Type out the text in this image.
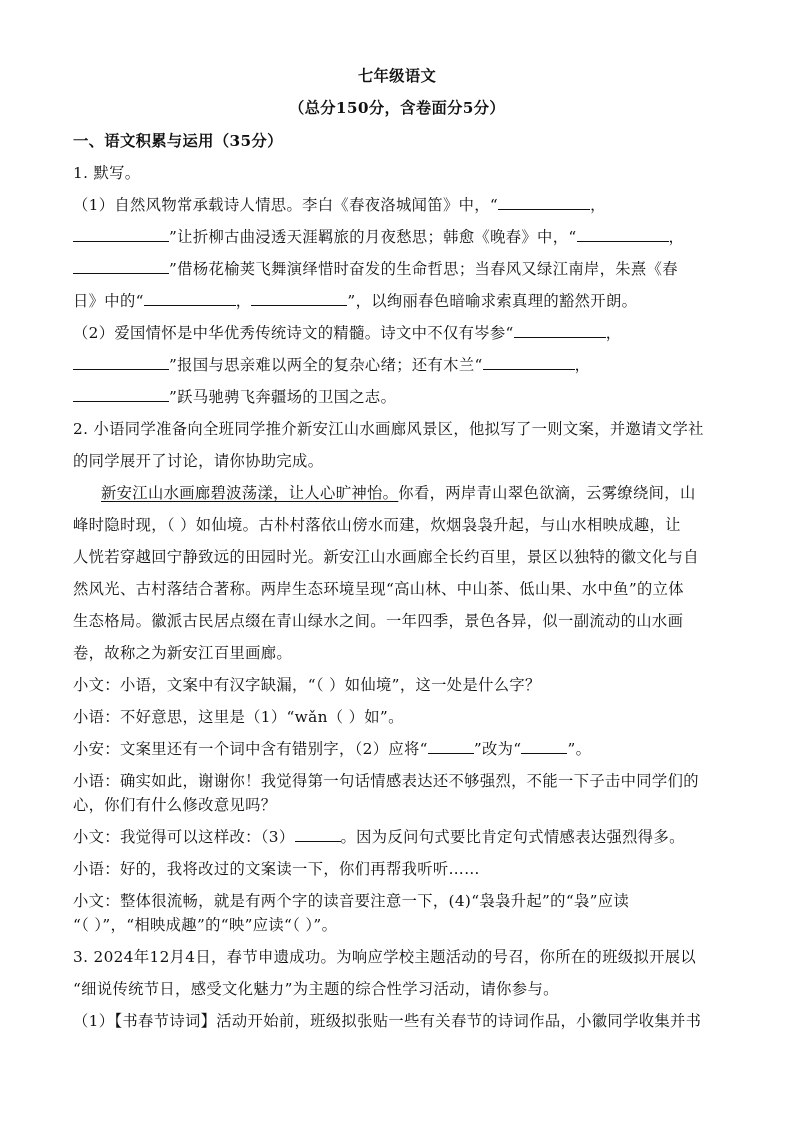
七年级语文
（总分150分，含卷面分5分）
一、语文积累与运用（35分）
1. 默写。
（1）自然风物常承载诗人情思。李白《春夜洛城闻笛》中，“	，
”让折柳古曲浸透天涯羁旅的月夜愁思；韩愈《晚春》中，“	，
”借杨花榆荚飞舞演绎惜时奋发的生命哲思；当春风又绿江南岸，朱熹《春
日》中的“	，	”，以绚丽春色暗喻求索真理的豁然开朗。
（2）爱国情怀是中华优秀传统诗文的精髓。诗文中不仅有岑参“	，
”报国与思亲难以两全的复杂心绪；还有木兰“	，
”跃马驰骋飞奔疆场的卫国之志。
2. 小语同学准备向全班同学推介新安江山水画廊风景区，他拟写了一则文案，并邀请文学社
的同学展开了讨论，请你协助完成。
新安江山水画廊碧波荡漾，让人心旷神怡。你看，两岸青山翠色欲滴，云雾缭绕间，山
峰时隐时现，（ ）如仙境。古朴村落依山傍水而建，炊烟袅袅升起，与山水相映成趣，让
人恍若穿越回宁静致远的田园时光。新安江山水画廊全长约百里，景区以独特的徽文化与自
然风光、古村落结合著称。两岸生态环境呈现“高山林、中山茶、低山果、水中鱼”的立体
生态格局。徽派古民居点缀在青山绿水之间。一年四季，景色各异，似一副流动的山水画
卷，故称之为新安江百里画廊。
小文：小语，文案中有汉字缺漏，“（ ）如仙境”，这一处是什么字？
小语：不好意思，这里是（1）“wǎn（ ）如”。
小安：文案里还有一个词中含有错别字，（2）应将“	”改为“	”。
小语：确实如此，谢谢你！我觉得第一句话情感表达还不够强烈，不能一下子击中同学们的
心，你们有什么修改意见吗？
小文：我觉得可以这样改：（3）	。因为反问句式要比肯定句式情感表达强烈得多。
小语：好的，我将改过的文案读一下，你们再帮我听听……
小文：整体很流畅，就是有两个字的读音要注意一下，(4)“袅袅升起”的“袅”应读
“（ ）”，“相映成趣”的“映”应读“（ ）”。
3. 2024年12月4日，春节申遗成功。为响应学校主题活动的号召，你所在的班级拟开展以
“细说传统节日，感受文化魅力”为主题的综合性学习活动，请你参与。
（1）【书春节诗词】活动开始前，班级拟张贴一些有关春节的诗词作品，小徽同学收集并书
